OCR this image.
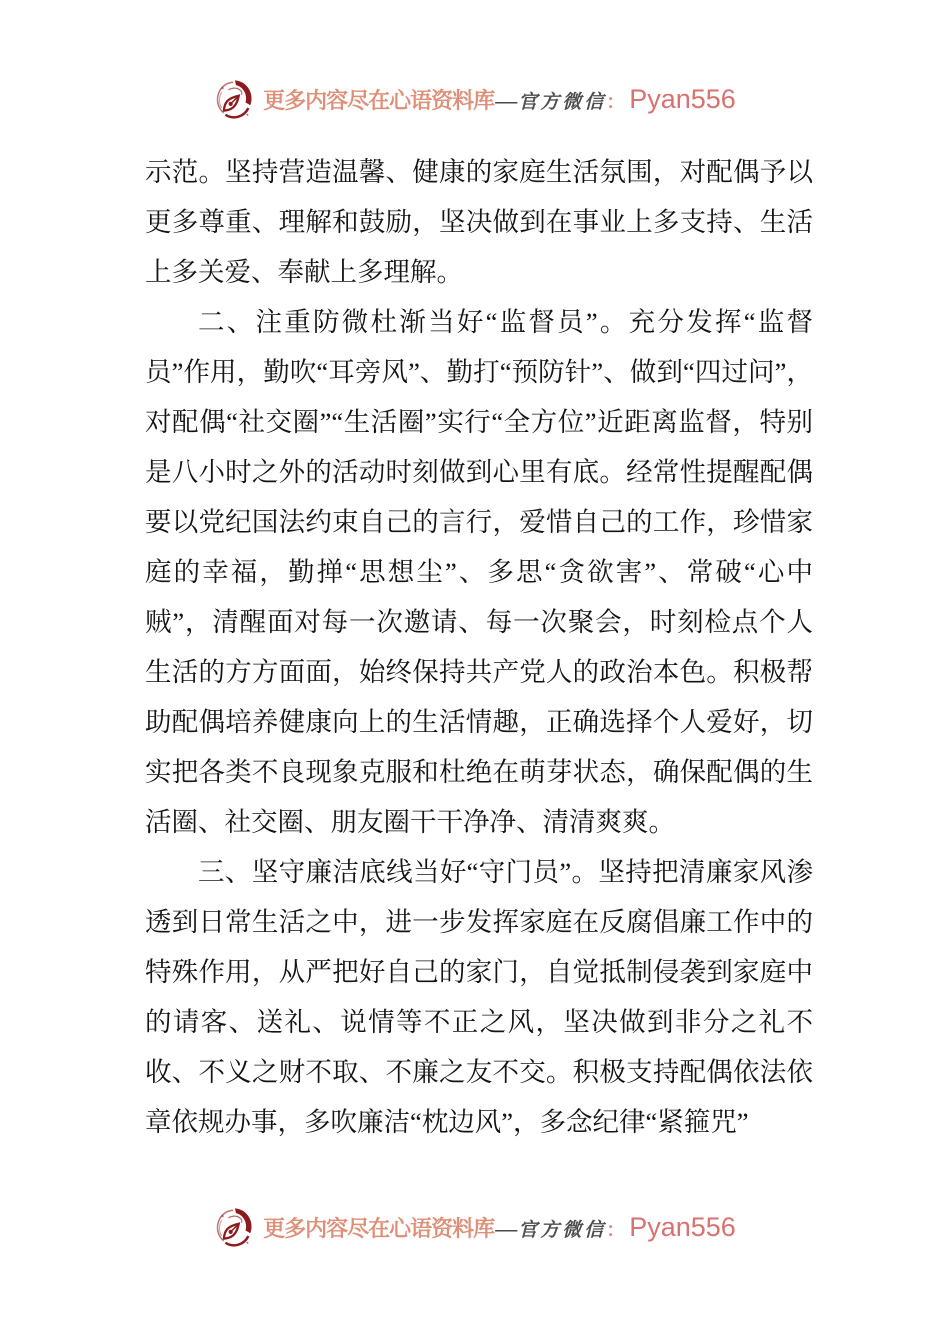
更多内容尽在心语资料库 — 官方微信 ： Pyan556

示范。坚持营造温馨、健康的家庭生活氛围，对配偶予以更多尊重、理解和鼓励，坚决做到在事业上多支持、生活上多关爱、奉献上多理解。

二、注重防微杜渐当好“监督员”。充分发挥“监督员”作用，勤吹“耳旁风”、勤打“预防针”、做到“四过问”，对配偶“社交圈”“生活圈”实行“全方位”近距离监督，特别是八小时之外的活动时刻做到心里有底。经常性提醒配偶要以党纪国法约束自己的言行，爱惜自己的工作，珍惜家庭的幸福，勤掸“思想尘”、多思“贪欲害”、常破“心中贼”，清醒面对每一次邀请、每一次聚会，时刻检点个人生活的方方面面，始终保持共产党人的政治本色。积极帮助配偶培养健康向上的生活情趣，正确选择个人爱好，切实把各类不良现象克服和杜绝在萌芽状态，确保配偶的生活圈、社交圈、朋友圈干干净净、清清爽爽。

三、坚守廉洁底线当好“守门员”。坚持把清廉家风渗透到日常生活之中，进一步发挥家庭在反腐倡廉工作中的特殊作用，从严把好自己的家门，自觉抵制侵袭到家庭中的请客、送礼、说情等不正之风，坚决做到非分之礼不收、不义之财不取、不廉之友不交。积极支持配偶依法依章依规办事，多吹廉洁“枕边风”，多念纪律“紧箍咒”

更多内容尽在心语资料库 — 官方微信 ： Pyan556
